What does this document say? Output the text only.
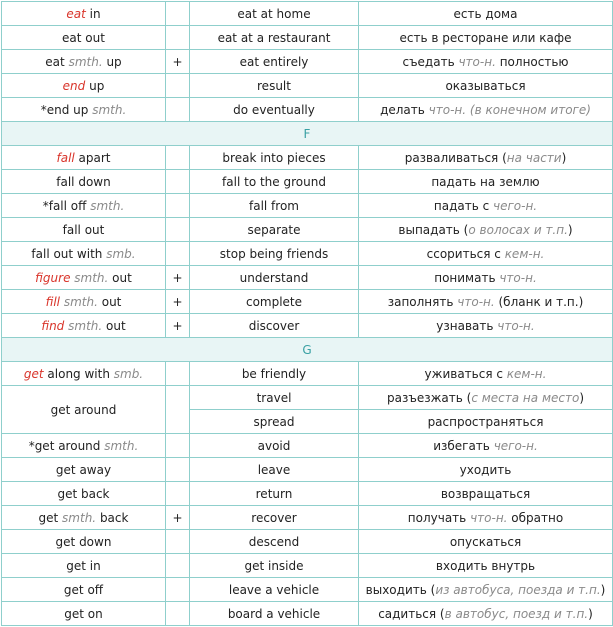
eat in		eat at home	есть дома
eat out		eat at a restaurant	есть в ресторане или кафе
eat smth. up	+	eat entirely	съедать что-н. полностью
end up		result	оказываться
*end up smth.		do eventually	делать что-н. (в конечном итоге)
F			
fall apart		break into pieces	разваливаться (на части)
fall down		fall to the ground	падать на землю
*fall off smth.		fall from	падать с чего-н.
fall out		separate	выпадать (о волосах и т.п.)
fall out with smb.		stop being friends	ссориться с кем-н.
figure smth. out	+	understand	понимать что-н.
fill smth. out	+	complete	заполнять что-н. (бланк и т.п.)
find smth. out	+	discover	узнавать что-н.
G			
get along with smb.		be friendly	уживаться с кем-н.
get around		travel	разъезжать (с места на место)
		spread	распространяться
*get around smth.		avoid	избегать чего-н.
get away		leave	уходить
get back		return	возвращаться
get smth. back	+	recover	получать что-н. обратно
get down		descend	опускаться
get in		get inside	входить внутрь
get off		leave a vehicle	выходить (из автобуса, поезда и т.п.)
get on		board a vehicle	садиться (в автобус, поезд и т.п.)
